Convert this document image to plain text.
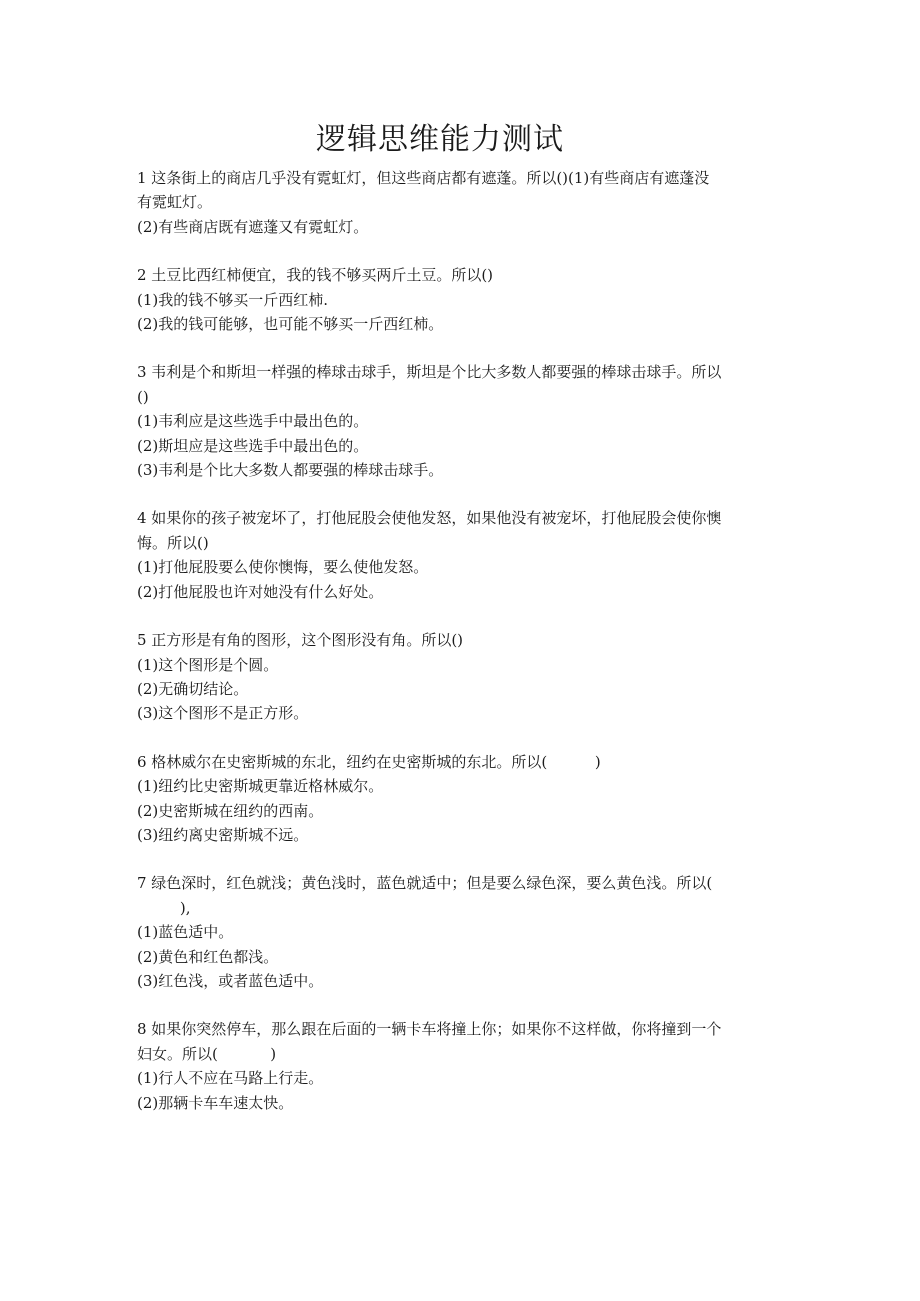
逻辑思维能力测试
1 这条街上的商店几乎没有霓虹灯，但这些商店都有遮蓬。所以()(1)有些商店有遮蓬没
有霓虹灯。
(2)有些商店既有遮蓬又有霓虹灯。
2 土豆比西红柿便宜，我的钱不够买两斤土豆。所以()
(1)我的钱不够买一斤西红柿.
(2)我的钱可能够，也可能不够买一斤西红柿。
3 韦利是个和斯坦一样强的棒球击球手，斯坦是个比大多数人都要强的棒球击球手。所以
()
(1)韦利应是这些选手中最出色的。
(2)斯坦应是这些选手中最出色的。
(3)韦利是个比大多数人都要强的棒球击球手。
4 如果你的孩子被宠坏了，打他屁股会使他发怒，如果他没有被宠坏，打他屁股会使你懊
悔。所以()
(1)打他屁股要么使你懊悔，要么使他发怒。
(2)打他屁股也许对她没有什么好处。
5 正方形是有角的图形，这个图形没有角。所以()
(1)这个图形是个圆。
(2)无确切结论。
(3)这个图形不是正方形。
6 格林威尔在史密斯城的东北，纽约在史密斯城的东北。所以(          )
(1)纽约比史密斯城更靠近格林威尔。
(2)史密斯城在纽约的西南。
(3)纽约离史密斯城不远。
7 绿色深时，红色就浅；黄色浅时，蓝色就适中；但是要么绿色深，要么黄色浅。所以(
),
(1)蓝色适中。
(2)黄色和红色都浅。
(3)红色浅，或者蓝色适中。
8 如果你突然停车，那么跟在后面的一辆卡车将撞上你；如果你不这样做，你将撞到一个
妇女。所以(           )
(1)行人不应在马路上行走。
(2)那辆卡车车速太快。
